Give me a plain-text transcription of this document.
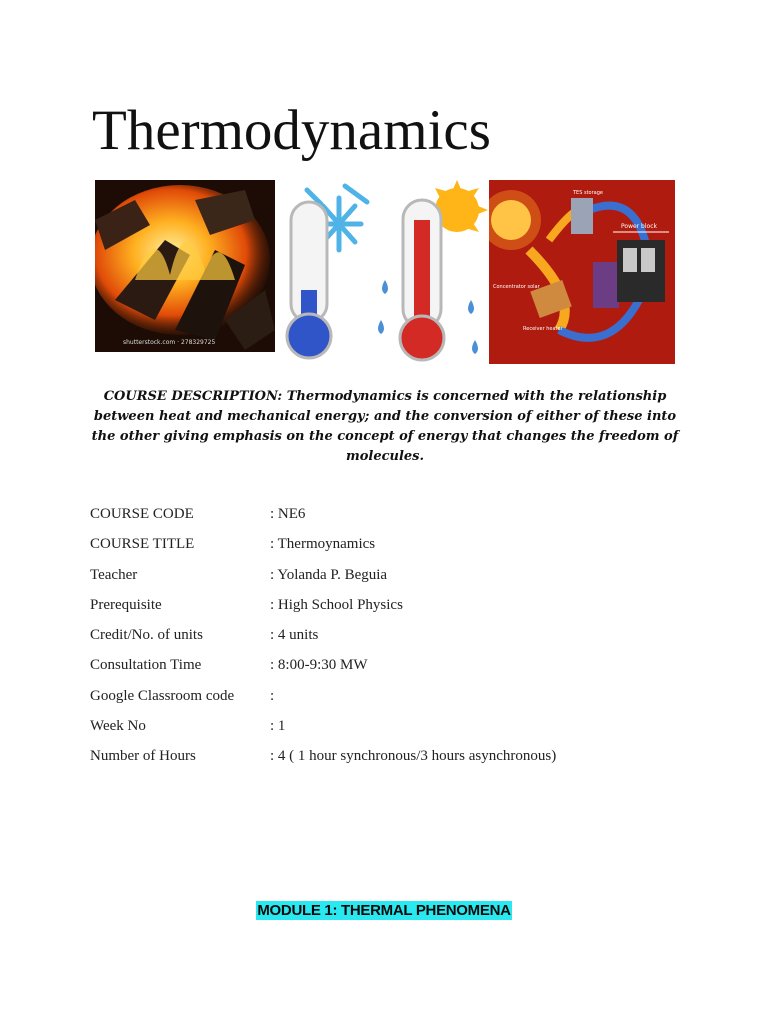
Thermodynamics
shutterstock.com · 278329725
Power block
Concentrator solar
Receiver heater
TES storage

COURSE DESCRIPTION: Thermodynamics is concerned with the relationship between heat and mechanical energy; and the conversion of either of these into the other giving emphasis on the concept of energy that changes the freedom of molecules.

COURSE CODE	: NE6
COURSE TITLE	: Thermoynamics
Teacher	: Yolanda P. Beguia
Prerequisite	: High School Physics
Credit/No. of units	: 4 units
Consultation Time	: 8:00-9:30 MW
Google Classroom code :
Week No	: 1
Number of Hours	: 4 ( 1 hour synchronous/3 hours asynchronous)
MODULE 1: THERMAL PHENOMENA
